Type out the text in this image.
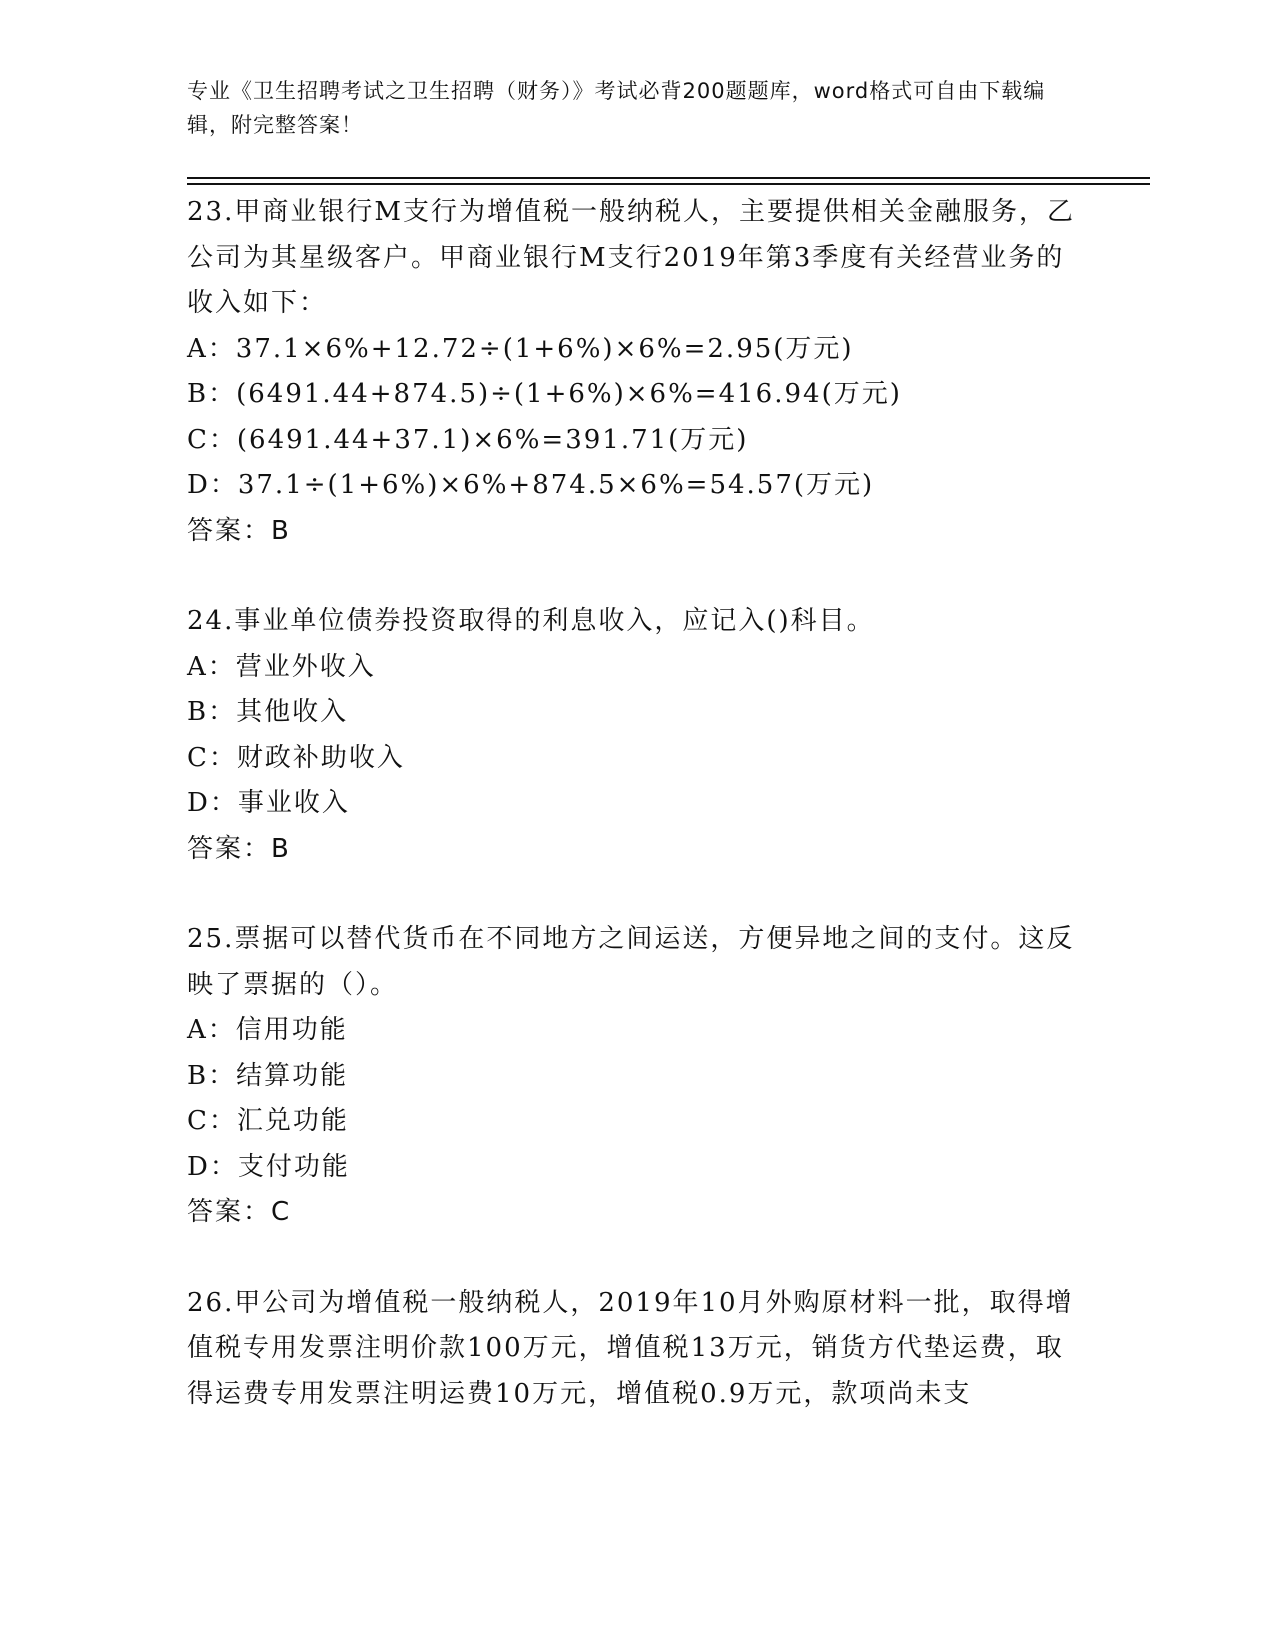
专业《卫生招聘考试之卫生招聘（财务）》考试必背200题题库，word格式可自由下载编辑，附完整答案！
23.甲商业银行M支行为增值税一般纳税人，主要提供相关金融服务，乙公司为其星级客户。甲商业银行M支行2019年第3季度有关经营业务的收入如下：
A：37.1×6%+12.72÷(1+6%)×6%=2.95(万元)
B：(6491.44+874.5)÷(1+6%)×6%=416.94(万元)
C：(6491.44+37.1)×6%=391.71(万元)
D：37.1÷(1+6%)×6%+874.5×6%=54.57(万元)
答案：B
24.事业单位债券投资取得的利息收入，应记入()科目。
A：营业外收入
B：其他收入
C：财政补助收入
D：事业收入
答案：B
25.票据可以替代货币在不同地方之间运送，方便异地之间的支付。这反映了票据的（）。
A：信用功能
B：结算功能
C：汇兑功能
D：支付功能
答案：C
26.甲公司为增值税一般纳税人，2019年10月外购原材料一批，取得增值税专用发票注明价款100万元，增值税13万元，销货方代垫运费，取得运费专用发票注明运费10万元，增值税0.9万元，款项尚未支
